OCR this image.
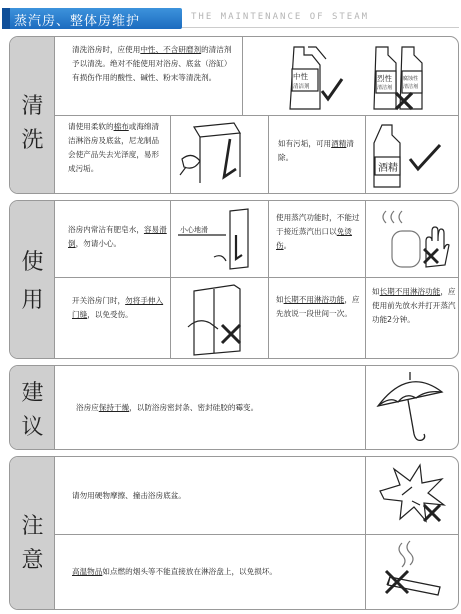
蒸汽房、整体房维护	THE MAINTENANCE OF STEAM
清
洗
清洗浴房时，应使用中性、不含研磨剂的清洁剂予以清洗。绝对不能使用对浴房、底盆（浴缸）有损伤作用的酸性、碱性、粉末等清洗剂。	中性
清洁剂
烈性
清洁剂
腐蚀性
清洁剂
请使用柔软的棉布或海绵清洁淋浴房及底盆，尼龙制品会使产品失去光泽度，易形成污垢。
如有污垢，可用酒精清除。
酒精
使
用
浴房内常沾有肥皂水，容易滑倒，勿请小心。
小心地滑
使用蒸汽功能时，不能过于接近蒸汽出口以免烫伤。
开关浴房门时，勿将手伸入门缝，以免受伤。
如长期不用淋浴功能，应先放说一段世间一次。
如长期不用淋浴功能，应使用前先放水并打开蒸汽功能2分钟。
建
议
浴房应保持干燥，以防浴房密封条、密封硅胶的霉变。
注
意
请勿用硬物摩擦、撞击浴房底盆。
高温物品如点燃的烟头等不能直接放在淋浴盘上，以免损坏。
